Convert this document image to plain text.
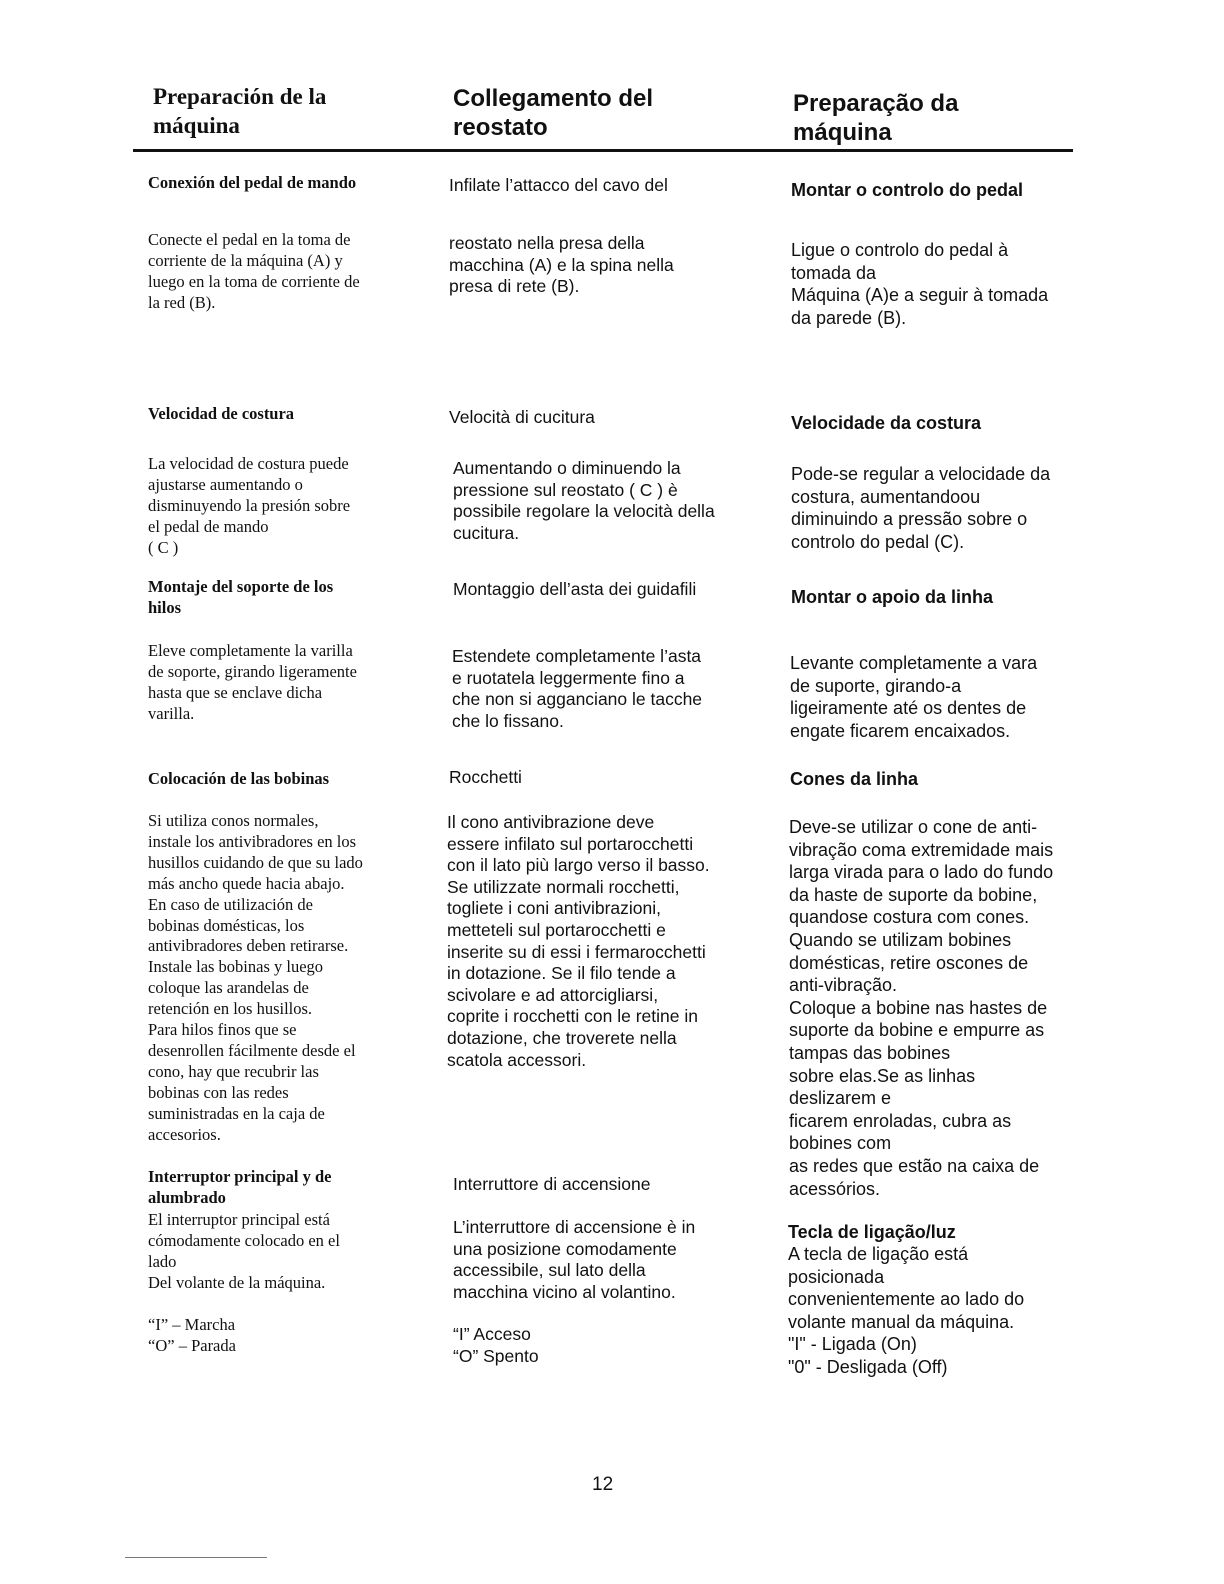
Preparación de la
máquina
Collegamento del
reostato
Preparação da
máquina
Conexión del pedal de mando
Conecte el pedal en la toma de
corriente de la máquina (A) y
luego en la toma de corriente de
la red (B).
Velocidad de costura
La velocidad de costura puede
ajustarse aumentando o
disminuyendo la presión sobre
el pedal de mando
( C )
Montaje del soporte de los
hilos
Eleve completamente la varilla
de soporte, girando ligeramente
hasta que se enclave dicha
varilla.
Colocación de las bobinas
Si utiliza conos normales,
instale los antivibradores en los
husillos cuidando de que su lado
más ancho quede hacia abajo.
En caso de utilización de
bobinas domésticas, los
antivibradores deben retirarse.
Instale las bobinas y luego
coloque las arandelas de
retención en los husillos.
Para hilos finos que se
desenrollen fácilmente desde el
cono, hay que recubrir las
bobinas con las redes
suministradas en la caja de
accesorios.
Interruptor principal y de
alumbrado
El interruptor principal está
cómodamente colocado en el
lado
Del volante de la máquina.
“I” – Marcha
“O” – Parada
Infilate l’attacco del cavo del
reostato nella presa della
macchina (A) e la spina nella
presa di rete (B).
Velocità di cucitura
Aumentando o diminuendo la
pressione sul reostato ( C ) è
possibile regolare la velocità della
cucitura.
Montaggio dell’asta dei guidafili
Estendete completamente l’asta
e ruotatela leggermente fino a
che non si agganciano le tacche
che lo fissano.
Rocchetti
Il cono antivibrazione deve
essere infilato sul portarocchetti
con il lato più largo verso il basso.
Se utilizzate normali rocchetti,
togliete i coni antivibrazioni,
metteteli sul portarocchetti e
inserite su di essi i fermarocchetti
in dotazione. Se il filo tende a
scivolare e ad attorcigliarsi,
coprite i rocchetti con le retine in
dotazione, che troverete nella
scatola accessori.
Interruttore di accensione
L’interruttore di accensione è in
una posizione comodamente
accessibile, sul lato della
macchina vicino al volantino.
“I” Acceso
“O” Spento
Montar o controlo do pedal
Ligue o controlo do pedal à
tomada da
Máquina (A)e a seguir à tomada
da parede (B).
Velocidade da costura
Pode-se regular a velocidade da
costura, aumentandoou
diminuindo a pressão sobre o
controlo do pedal (C).
Montar o apoio da linha
Levante completamente a vara
de suporte, girando-a
ligeiramente até os dentes de
engate ficarem encaixados.
Cones da linha
Deve-se utilizar o cone de anti-
vibração coma extremidade mais
larga virada para o lado do fundo
da haste de suporte da bobine,
quandose costura com cones.
Quando se utilizam bobines
domésticas, retire oscones de
anti-vibração.
Coloque a bobine nas hastes de
suporte da bobine e empurre as
tampas das bobines
sobre elas.Se as linhas
deslizarem e
ficarem enroladas, cubra as
bobines com
as redes que estão na caixa de
acessórios.
Tecla de ligação/luz
A tecla de ligação está
posicionada
convenientemente ao lado do
volante manual da máquina.
"I" - Ligada (On)
"0" - Desligada (Off)
12
